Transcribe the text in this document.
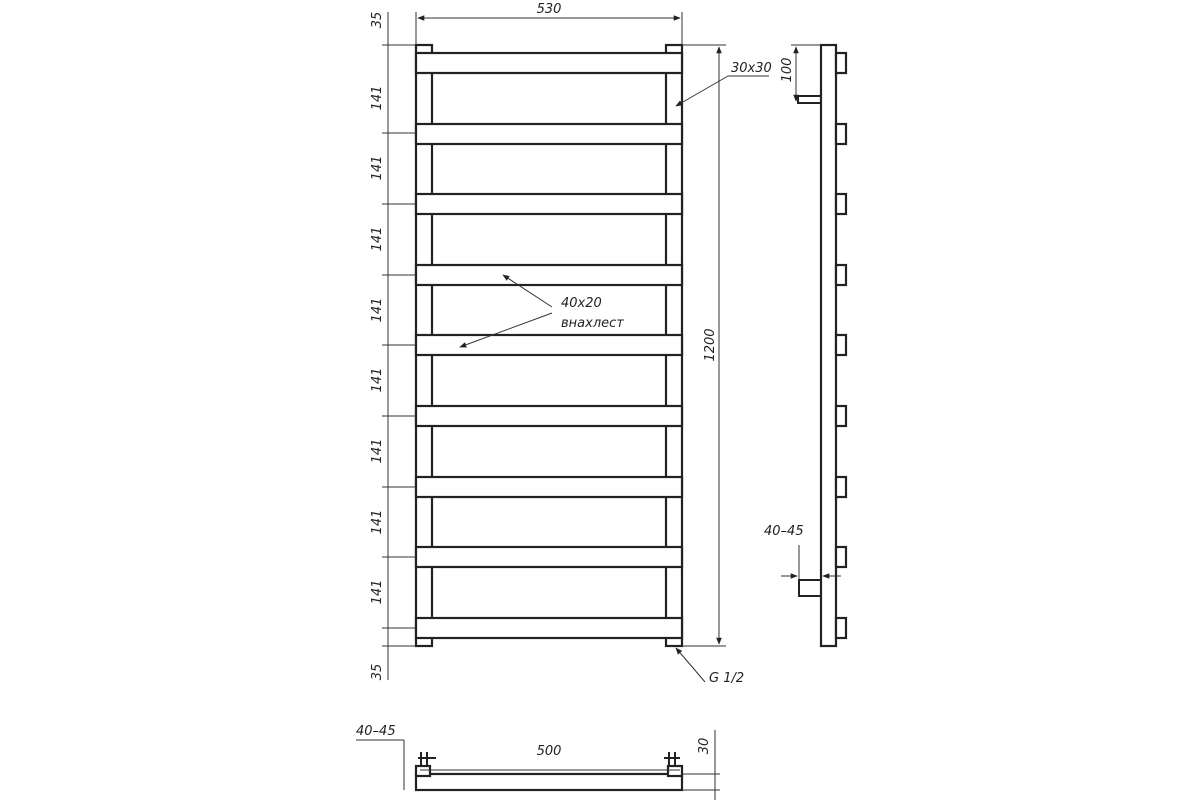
530
35
141
141
141
141
141
141
141
141
35
1200
30x30
40x20
внахлест
G 1/2
100
40–45
40–45
500	30
